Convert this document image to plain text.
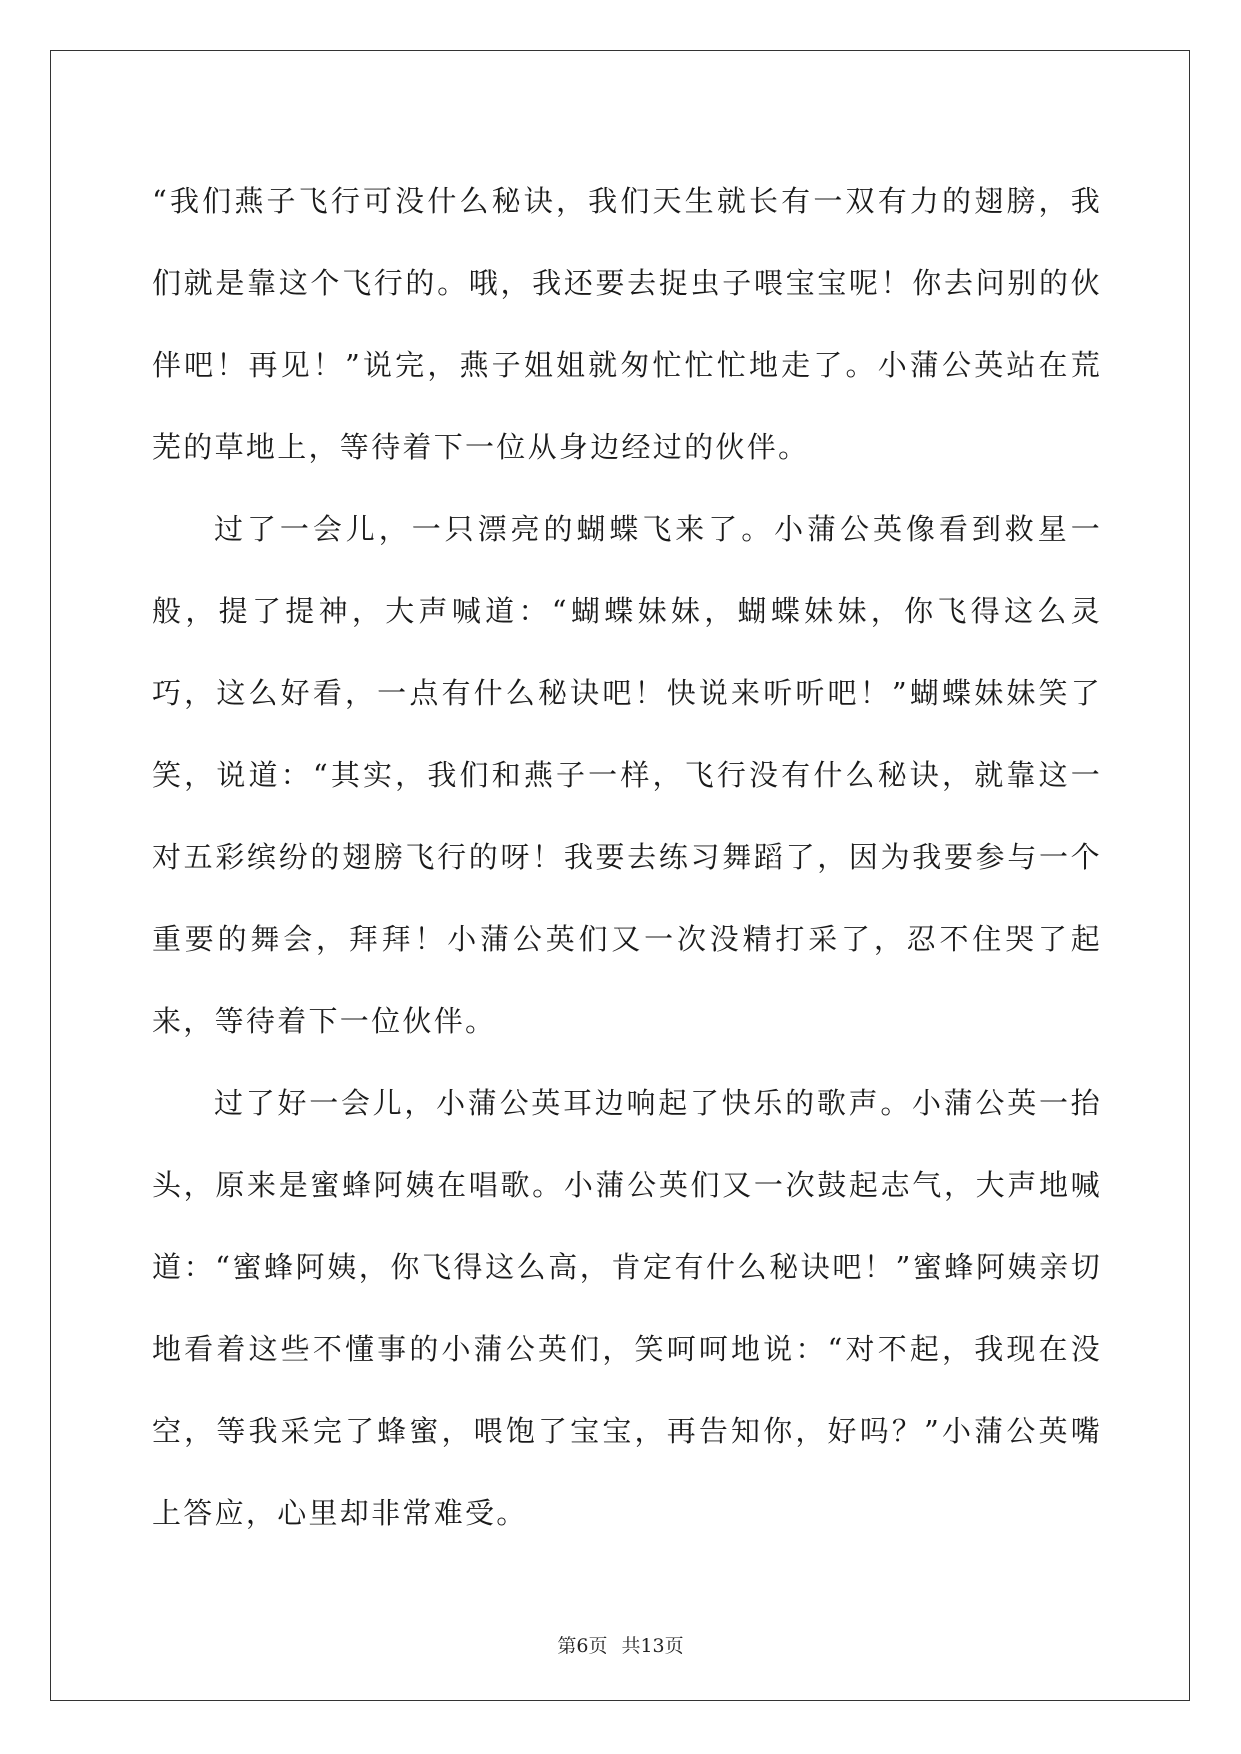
“我们燕子飞行可没什么秘诀，我们天生就长有一双有力的翅膀，我们就是靠这个飞行的。哦，我还要去捉虫子喂宝宝呢！你去问别的伙伴吧！再见！”说完，燕子姐姐就匆忙忙忙地走了。小蒲公英站在荒芜的草地上，等待着下一位从身边经过的伙伴。

过了一会儿，一只漂亮的蝴蝶飞来了。小蒲公英像看到救星一般，提了提神，大声喊道：“蝴蝶妹妹，蝴蝶妹妹，你飞得这么灵巧，这么好看，一点有什么秘诀吧！快说来听听吧！”蝴蝶妹妹笑了笑，说道：“其实，我们和燕子一样，飞行没有什么秘诀，就靠这一对五彩缤纷的翅膀飞行的呀！我要去练习舞蹈了，因为我要参与一个重要的舞会，拜拜！小蒲公英们又一次没精打采了，忍不住哭了起来，等待着下一位伙伴。

过了好一会儿，小蒲公英耳边响起了快乐的歌声。小蒲公英一抬头，原来是蜜蜂阿姨在唱歌。小蒲公英们又一次鼓起志气，大声地喊道：“蜜蜂阿姨，你飞得这么高，肯定有什么秘诀吧！”蜜蜂阿姨亲切地看着这些不懂事的小蒲公英们，笑呵呵地说：“对不起，我现在没空，等我采完了蜂蜜，喂饱了宝宝，再告知你，好吗？”小蒲公英嘴上答应，心里却非常难受。

第6页 共13页
